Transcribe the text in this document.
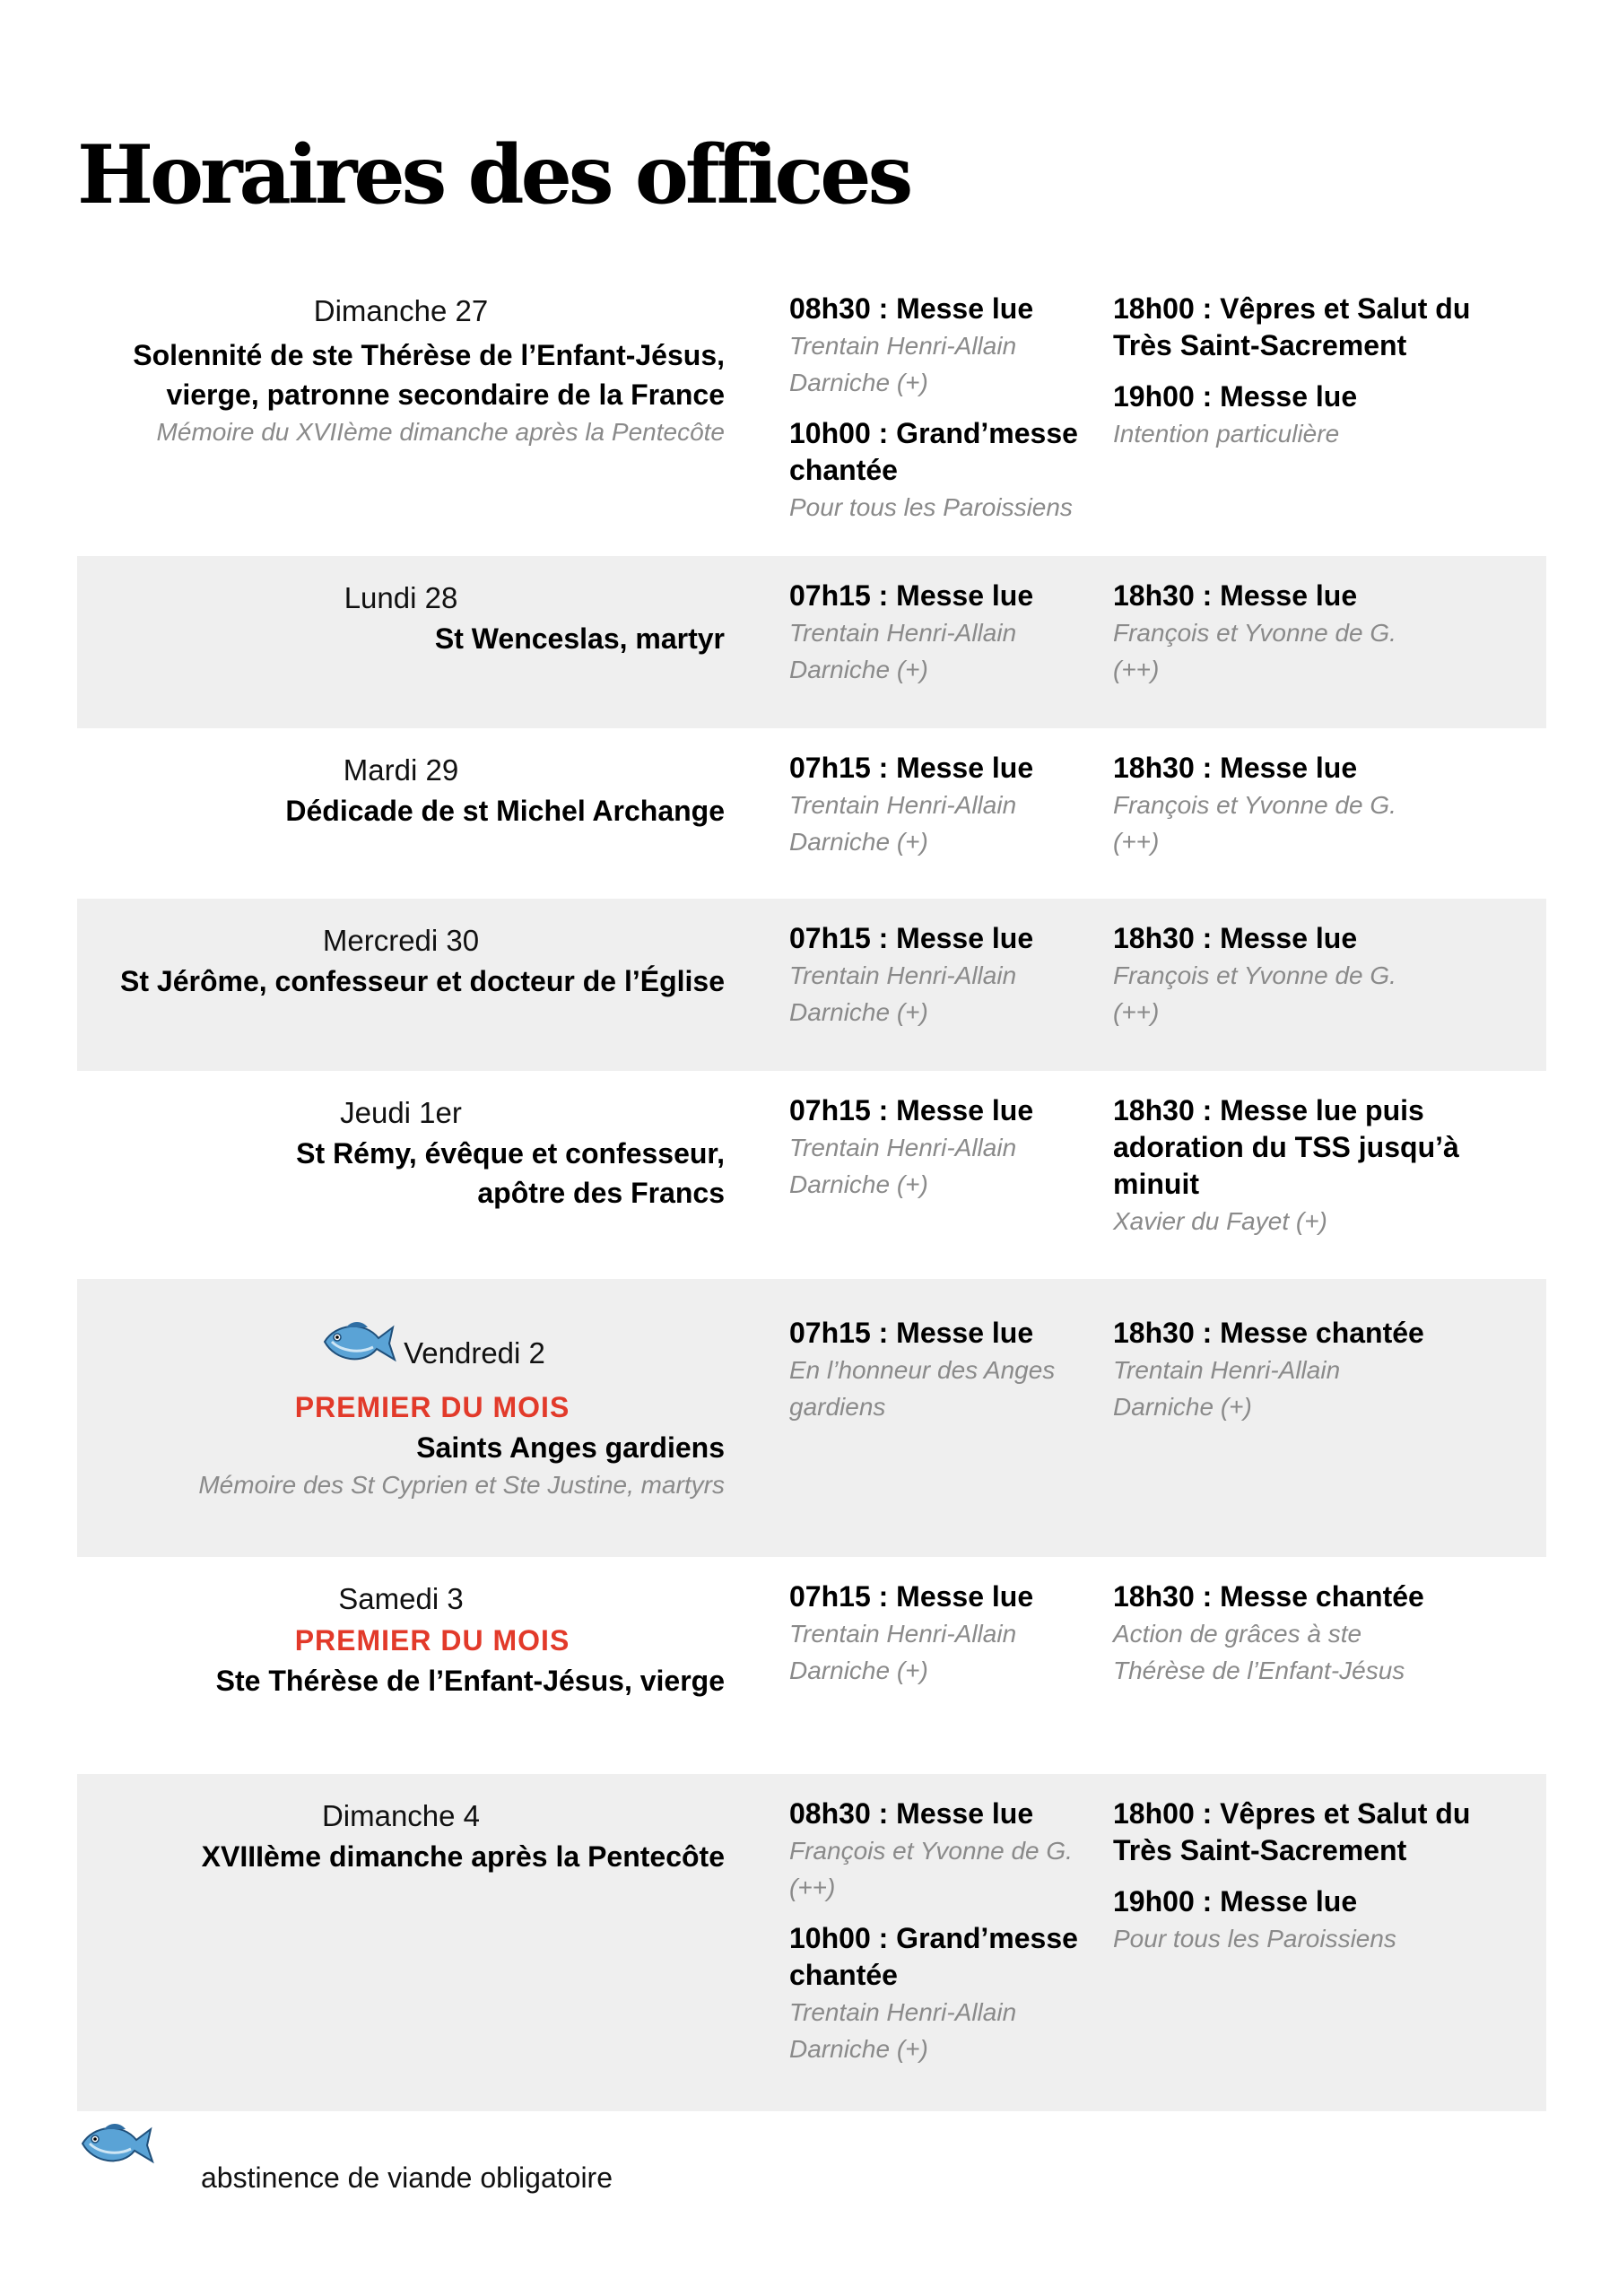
Horaires des offices
Dimanche 27
Solennité de ste Thérèse de l’Enfant-Jésus,
vierge, patronne secondaire de la France
Mémoire du XVIIème dimanche après la Pentecôte
08h30 : Messe lue
Trentain Henri-Allain
Darniche (+)
10h00 : Grand’messe
chantée
Pour tous les Paroissiens
18h00 : Vêpres et Salut du
Très Saint-Sacrement
19h00 : Messe lue
Intention particulière
Lundi 28
St Wenceslas, martyr
07h15 : Messe lue
Trentain Henri-Allain
Darniche (+)
18h30 : Messe lue
François et Yvonne de G.
(++)
Mardi 29
Dédicade de st Michel Archange
07h15 : Messe lue
Trentain Henri-Allain
Darniche (+)
18h30 : Messe lue
François et Yvonne de G.
(++)
Mercredi 30
St Jérôme, confesseur et docteur de l’Église
07h15 : Messe lue
Trentain Henri-Allain
Darniche (+)
18h30 : Messe lue
François et Yvonne de G.
(++)
Jeudi 1er
St Rémy, évêque et confesseur,
apôtre des Francs
07h15 : Messe lue
Trentain Henri-Allain
Darniche (+)
18h30 : Messe lue puis
adoration du TSS jusqu’à
minuit
Xavier du Fayet (+)
Vendredi 2
PREMIER DU MOIS
Saints Anges gardiens
Mémoire des St Cyprien et Ste Justine, martyrs
07h15 : Messe lue
En l’honneur des Anges
gardiens
18h30 : Messe chantée
Trentain Henri-Allain
Darniche (+)
Samedi 3
PREMIER DU MOIS
Ste Thérèse de l’Enfant-Jésus, vierge
07h15 : Messe lue
Trentain Henri-Allain
Darniche (+)
18h30 : Messe chantée
Action de grâces à ste
Thérèse de l’Enfant-Jésus
Dimanche 4
XVIIIème dimanche après la Pentecôte
08h30 : Messe lue
François et Yvonne de G.
(++)
10h00 : Grand’messe
chantée
Trentain Henri-Allain
Darniche (+)
18h00 : Vêpres et Salut du
Très Saint-Sacrement
19h00 : Messe lue
Pour tous les Paroissiens
abstinence de viande obligatoire
